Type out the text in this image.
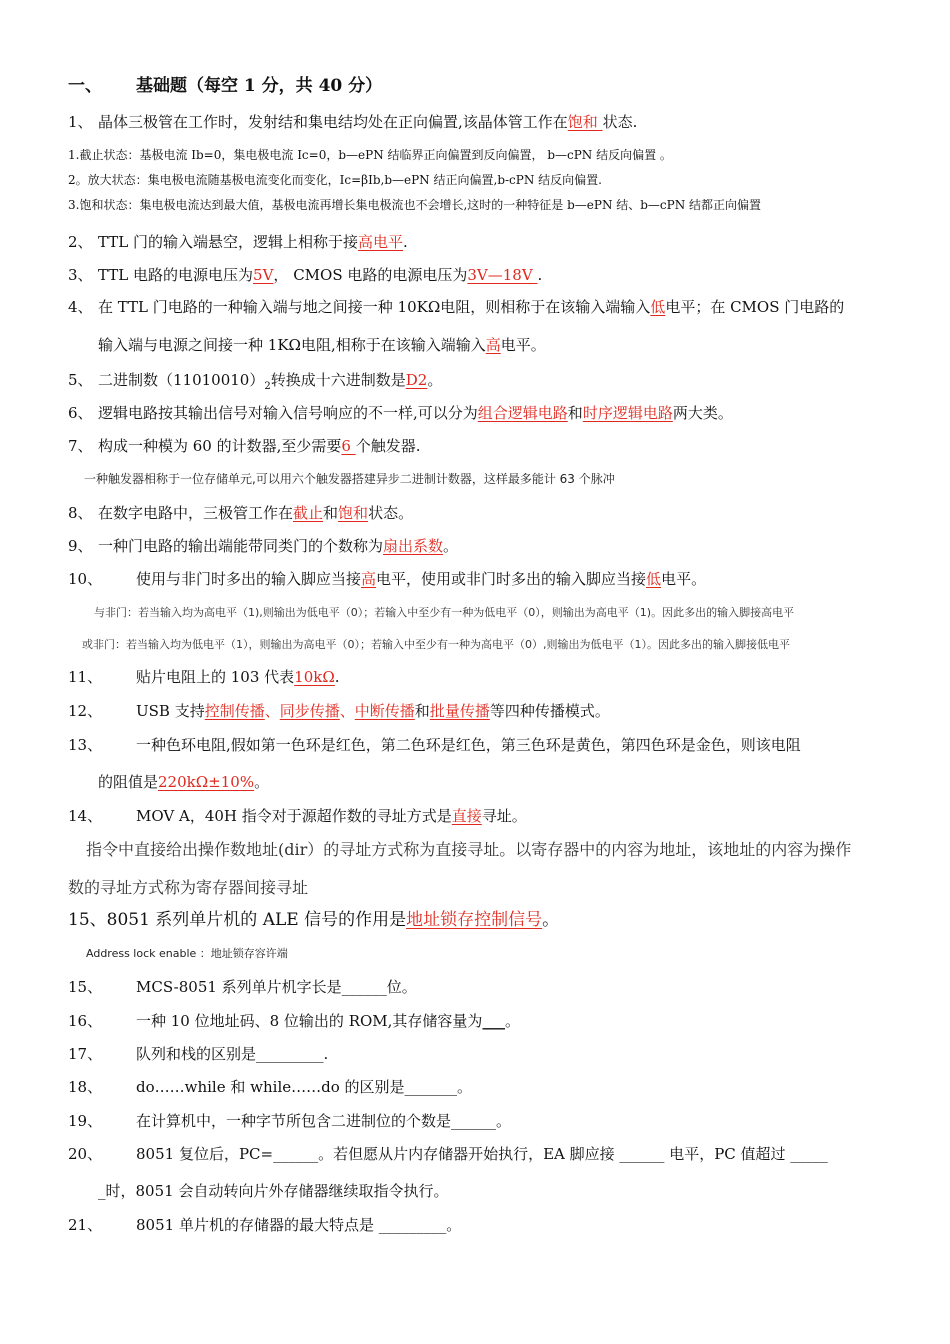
一、 基础题（每空 1 分，共 40 分）
1、 晶体三极管在工作时，发射结和集电结均处在正向偏置,该晶体管工作在饱和 状态.
1.截止状态：基极电流 Ib=0，集电极电流 Ic=0，b—ePN 结临界正向偏置到反向偏置， b—cPN 结反向偏置 。
2。放大状态：集电极电流随基极电流变化而变化，Ic=βIb,b—ePN 结正向偏置,b-cPN 结反向偏置.
3.饱和状态：集电极电流达到最大值，基极电流再增长集电极流也不会增长,这时的一种特征是 b—ePN 结、b—cPN 结都正向偏置
2、 TTL 门的输入端悬空，逻辑上相称于接高电平.
3、 TTL 电路的电源电压为5V， CMOS 电路的电源电压为3V—18V .
4、 在 TTL 门电路的一种输入端与地之间接一种 10KΩ电阻，则相称于在该输入端输入低电平；在 CMOS 门电路的
输入端与电源之间接一种 1KΩ电阻,相称于在该输入端输入高电平。
5、 二进制数$(11010010)_2$转换成十六进制数是D2。
6、 逻辑电路按其输出信号对输入信号响应的不一样,可以分为组合逻辑电路和时序逻辑电路两大类。
7、 构成一种模为 60 的计数器,至少需要6 个触发器.
一种触发器相称于一位存储单元,可以用六个触发器搭建异步二进制计数器，这样最多能计 63 个脉冲
8、 在数字电路中，三极管工作在截止和饱和状态。
9、 一种门电路的输出端能带同类门的个数称为扇出系数。
10、 使用与非门时多出的输入脚应当接高电平，使用或非门时多出的输入脚应当接低电平。
与非门：若当输入均为高电平（1),则输出为低电平（0）；若输入中至少有一种为低电平（0），则输出为高电平（1)。因此多出的输入脚接高电平
或非门：若当输入均为低电平（1），则输出为高电平（0）；若输入中至少有一种为高电平（0）,则输出为低电平（1）。因此多出的输入脚接低电平
11、 贴片电阻上的 103 代表10kΩ.
12、 USB 支持控制传播、同步传播、中断传播和批量传播等四种传播模式。
13、 一种色环电阻,假如第一色环是红色，第二色环是红色，第三色环是黄色，第四色环是金色，则该电阻
的阻值是220kΩ±10%。
14、 MOV A，40H 指令对于源超作数的寻址方式是直接寻址。
指令中直接给出操作数地址(dir）的寻址方式称为直接寻址。以寄存器中的内容为地址，该地址的内容为操作
数的寻址方式称为寄存器间接寻址
15、8051 系列单片机的 ALE 信号的作用是地址锁存控制信号。
Address lock enable ：地址锁存容许端
15、 MCS-8051 系列单片机字长是______位。
16、 一种 10 位地址码、8 位输出的 ROM,其存储容量为___。
17、 队列和栈的区别是_________.
18、 do……while 和 while……do 的区别是_______。
19、 在计算机中，一种字节所包含二进制位的个数是______。
20、 8051 复位后，PC=______。若但愿从片内存储器开始执行，EA 脚应接 ______ 电平，PC 值超过 _____
_时，8051 会自动转向片外存储器继续取指令执行。
21、 8051 单片机的存储器的最大特点是 _________。
